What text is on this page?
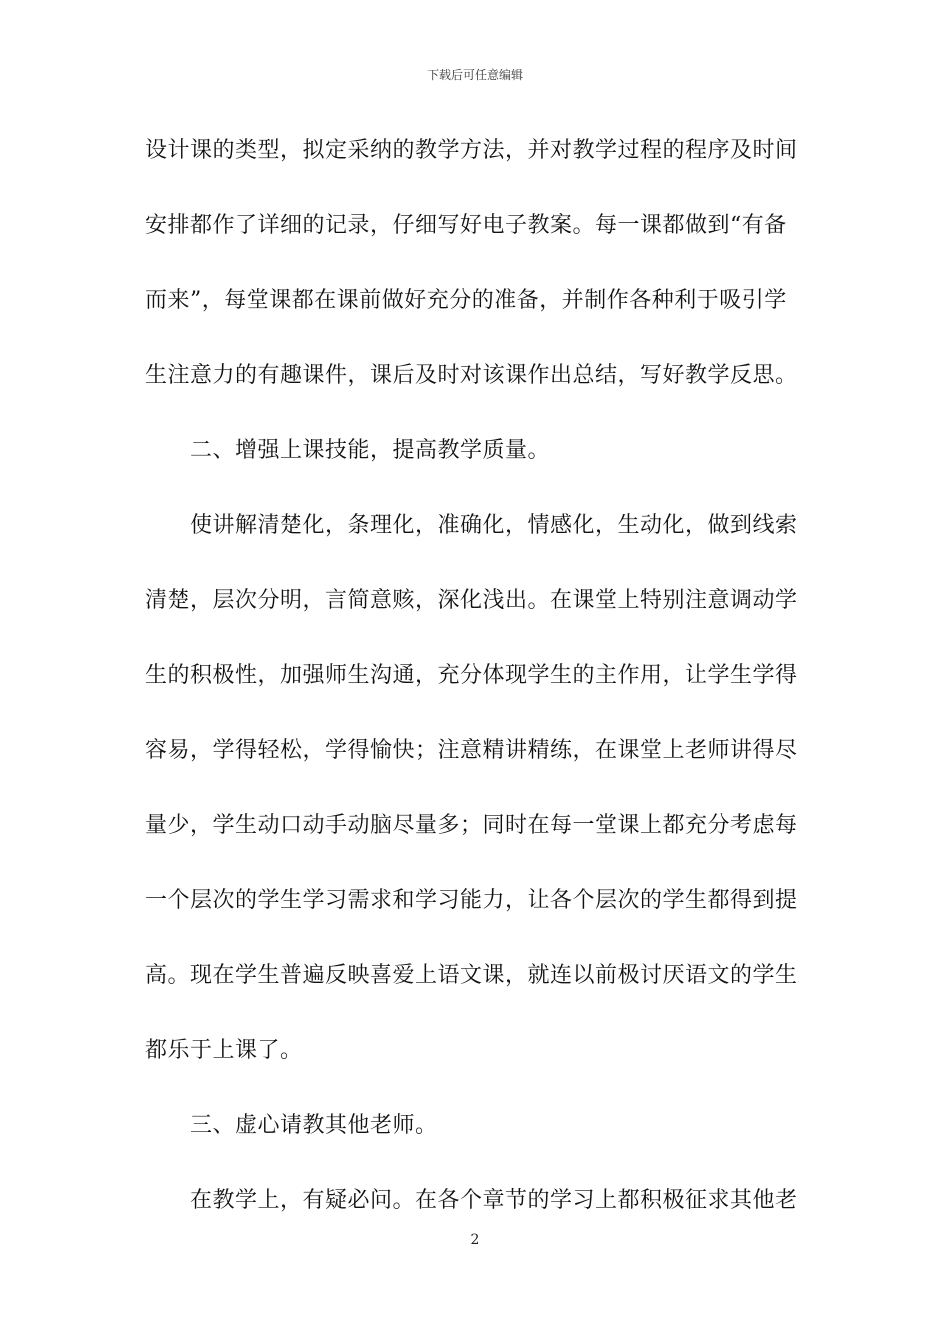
下载后可任意编辑
设计课的类型，拟定采纳的教学方法，并对教学过程的程序及时间
安排都作了详细的记录，仔细写好电子教案。每一课都做到“有备
而来”，每堂课都在课前做好充分的准备，并制作各种利于吸引学
生注意力的有趣课件，课后及时对该课作出总结，写好教学反思。
二、增强上课技能，提高教学质量。
使讲解清楚化，条理化，准确化，情感化，生动化，做到线索
清楚，层次分明，言简意赅，深化浅出。在课堂上特别注意调动学
生的积极性，加强师生沟通，充分体现学生的主作用，让学生学得
容易，学得轻松，学得愉快；注意精讲精练，在课堂上老师讲得尽
量少，学生动口动手动脑尽量多；同时在每一堂课上都充分考虑每
一个层次的学生学习需求和学习能力，让各个层次的学生都得到提
高。现在学生普遍反映喜爱上语文课，就连以前极讨厌语文的学生
都乐于上课了。
三、虚心请教其他老师。
在教学上，有疑必问。在各个章节的学习上都积极征求其他老
2
